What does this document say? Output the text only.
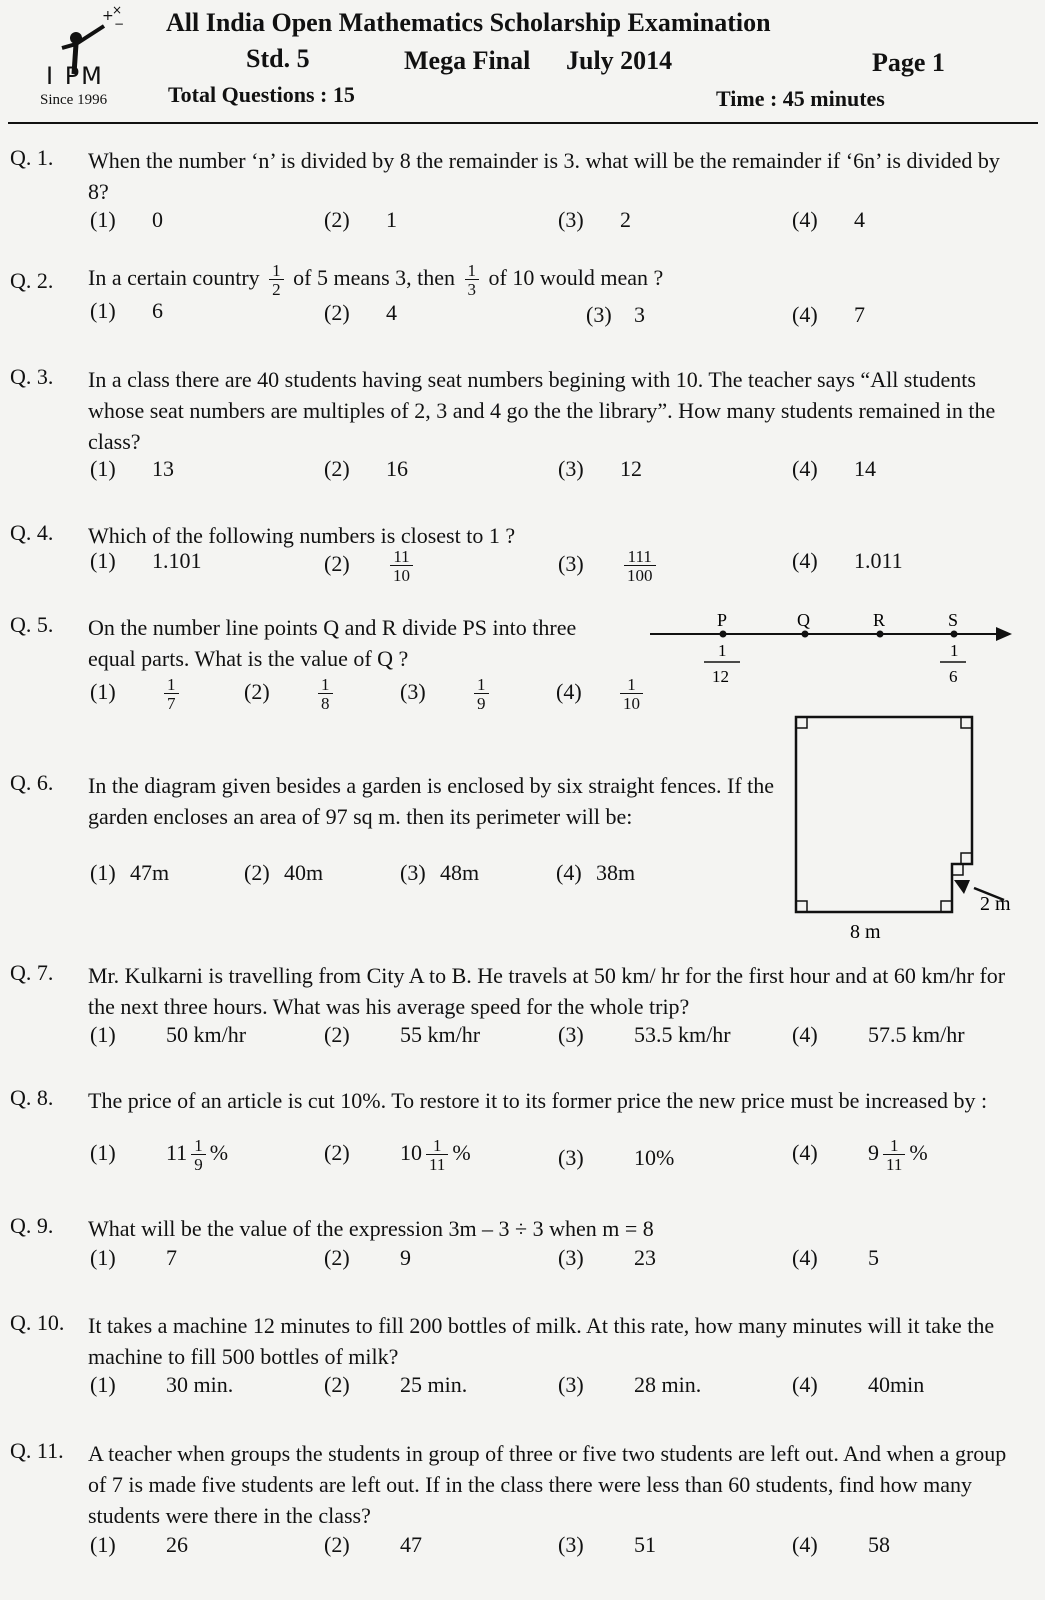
+
×
−
I PM
Since 1996
All India Open Mathematics Scholarship Examination
Std. 5	Mega Final July 2014	Page 1
Total Questions : 15	Time : 45 minutes
Q. 1. When the number ‘n’ is divided by 8 the remainder is 3. what will be the remainder if ‘6n’ is divided by 8?
(1) 0	(2) 1	(3) 2	(4) 4
Q. 2. In a certain country $\frac{1}{2}$ of 5 means 3, then $\frac{1}{3}$ of 10 would mean ?
(1) 6	(2) 4	(3) 3	(4) 7
Q. 3. In a class there are 40 students having seat numbers begining with 10. The teacher says “All students whose seat numbers are multiples of 2, 3 and 4 go the the library”. How many students remained in the class?
(1) 13	(2) 16	(3) 12	(4) 14
Q. 4. Which of the following numbers is closest to 1 ?
(1) 1.101	$(2) \frac{11}{10}$	$(3) \frac{111}{100}$	(4) 1.011
Q. 5. On the number line points Q and R divide PS into three equal parts. What is the value of Q ?
(1)	$\frac{1}{7}$	(2)	$\frac{1}{8}$	(3)	$\frac{1}{9}$	$(4) \frac{1}{10}$
P	Q	R	S
1
12
1
6
Q. 6. In the diagram given besides a garden is enclosed by six straight fences. If the garden encloses an area of 97 sq m. then its perimeter will be:
(1) 47m	(2) 40m	(3) 48m	(4) 38m
8 m
2 m
Q. 7. Mr. Kulkarni is travelling from City A to B. He travels at 50 km/ hr for the first hour and at 60 km/hr for the next three hours. What was his average speed for the whole trip?
(1) 50 km/hr	(2) 55 km/hr	(3) 53.5 km/hr	(4) 57.5 km/hr
Q. 8. The price of an article is cut 10%. To restore it to its former price the new price must be increased by :
(1) $11 \frac{1}{9}$ %	(2) $10 \frac{1}{11}$ %	(3) 10%	(4) $9 \frac{1}{11}$ %
Q. 9. What will be the value of the expression 3m – 3 ÷ 3 when m = 8
(1) 7	(2) 9	(3) 23	(4) 5
Q. 10. It takes a machine 12 minutes to fill 200 bottles of milk. At this rate, how many minutes will it take the machine to fill 500 bottles of milk?
(1) 30 min.	(2) 25 min.	(3) 28 min.	(4) 40min
Q. 11. A teacher when groups the students in group of three or five two students are left out. And when a group of 7 is made five students are left out. If in the class there were less than 60 students, find how many students were there in the class?
(1) 26	(2) 47	(3) 51	(4) 58
